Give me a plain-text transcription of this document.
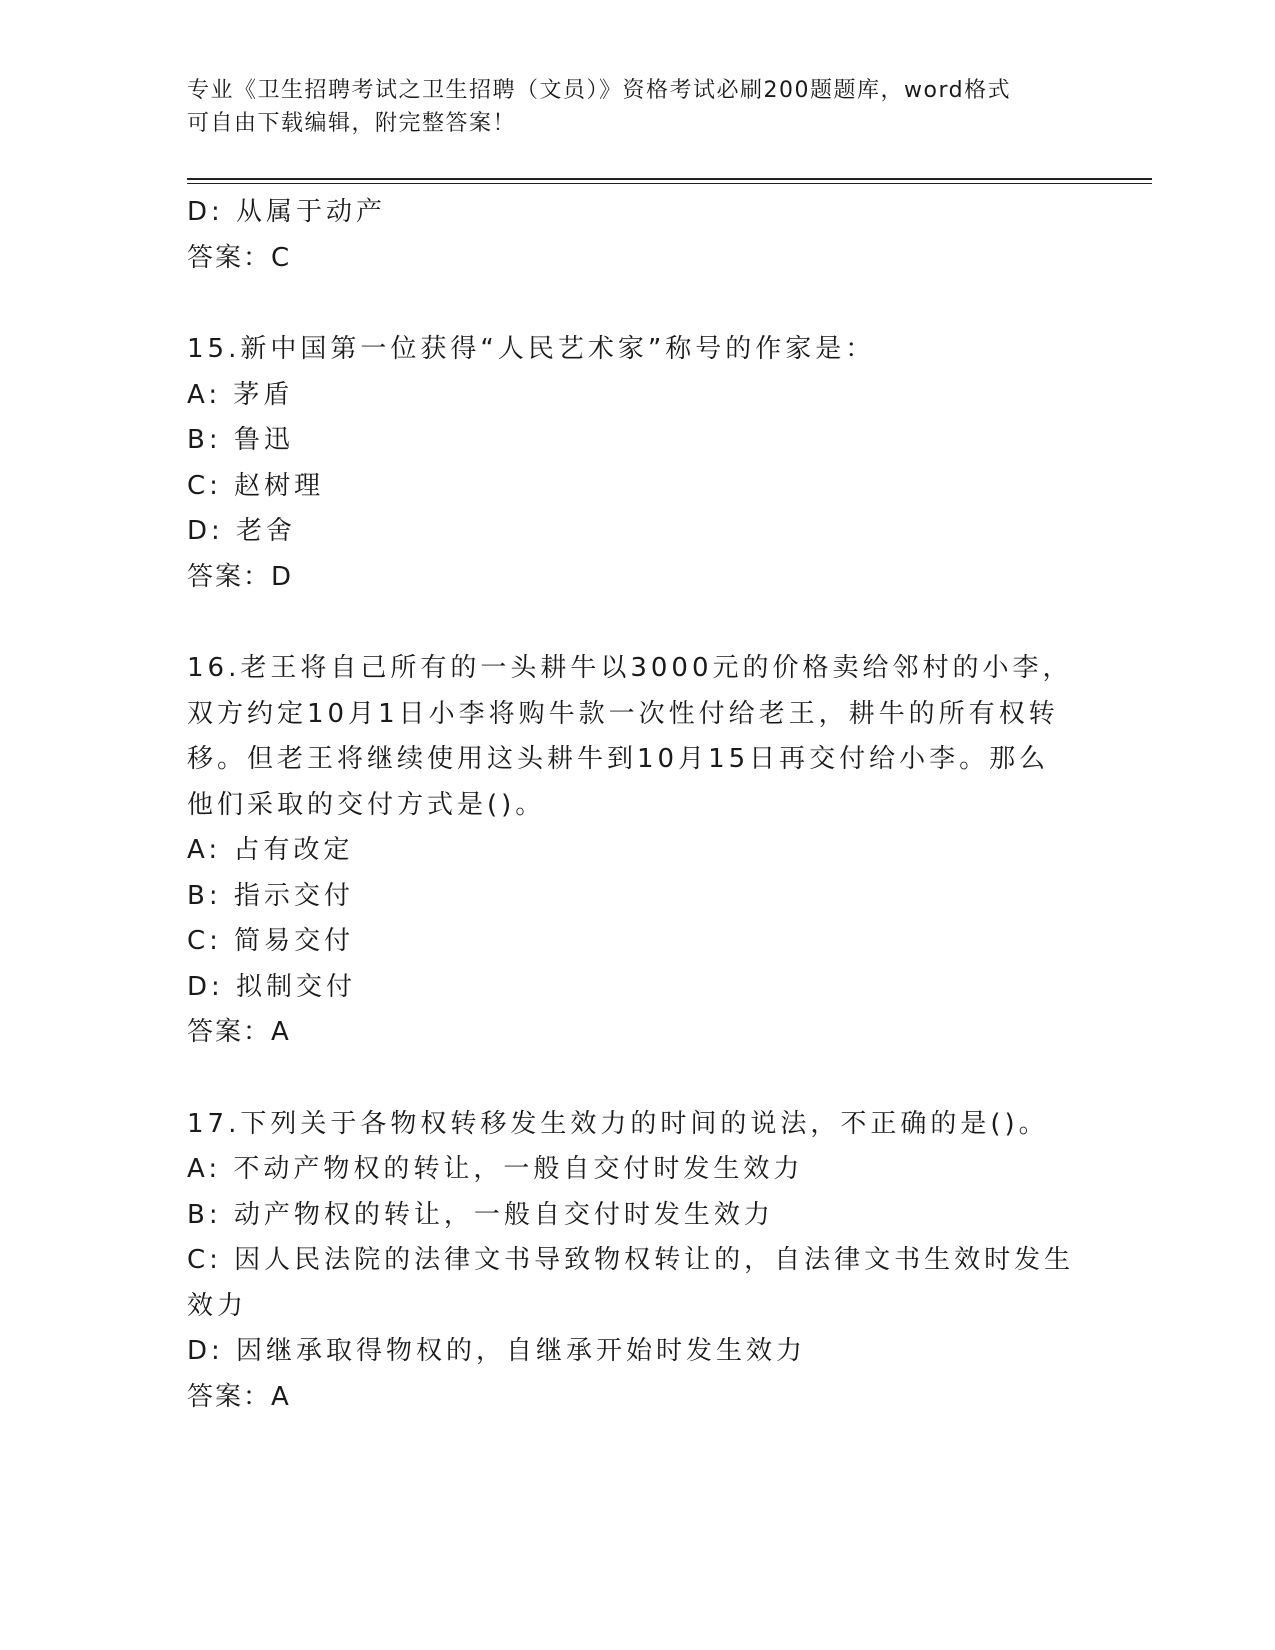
专业《卫生招聘考试之卫生招聘（文员）》资格考试必刷200题题库，word格式
可自由下载编辑，附完整答案！
D: 从属于动产
答案：C
15.新中国第一位获得“人民艺术家”称号的作家是：
A: 茅盾
B: 鲁迅
C: 赵树理
D: 老舍
答案：D
16.老王将自己所有的一头耕牛以3000元的价格卖给邻村的小李，双方约定10月1日小李将购牛款一次性付给老王，耕牛的所有权转移。但老王将继续使用这头耕牛到10月15日再交付给小李。那么他们采取的交付方式是()。
A: 占有改定
B: 指示交付
C: 简易交付
D: 拟制交付
答案：A
17.下列关于各物权转移发生效力的时间的说法，不正确的是()。
A: 不动产物权的转让，一般自交付时发生效力
B: 动产物权的转让，一般自交付时发生效力
C: 因人民法院的法律文书导致物权转让的，自法律文书生效时发生效力
D: 因继承取得物权的，自继承开始时发生效力
答案：A
